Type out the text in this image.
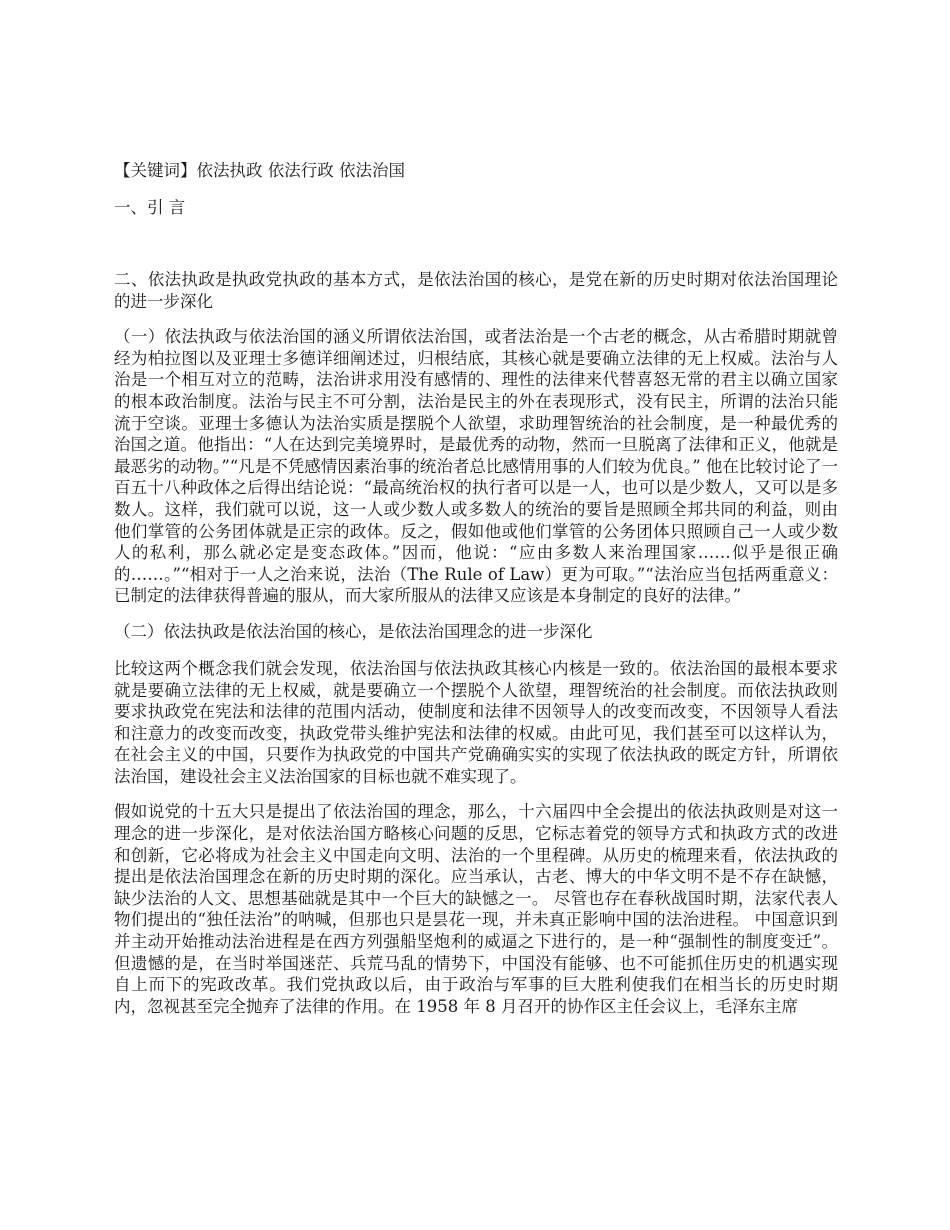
【关键词】依法执政 依法行政 依法治国
一、引 言

二、依法执政是执政党执政的基本方式，是依法治国的核心，是党在新的历史时期对依法治国理论的进一步深化

（一）依法执政与依法治国的涵义所谓依法治国，或者法治是一个古老的概念，从古希腊时期就曾经为柏拉图以及亚理士多德详细阐述过，归根结底，其核心就是要确立法律的无上权威。法治与人治是一个相互对立的范畴，法治讲求用没有感情的、理性的法律来代替喜怒无常的君主以确立国家的根本政治制度。法治与民主不可分割，法治是民主的外在表现形式，没有民主，所谓的法治只能流于空谈。亚理士多德认为法治实质是摆脱个人欲望，求助理智统治的社会制度，是一种最优秀的治国之道。他指出：“人在达到完美境界时，是最优秀的动物，然而一旦脱离了法律和正义，他就是最恶劣的动物。”“凡是不凭感情因素治事的统治者总比感情用事的人们较为优良。” 他在比较讨论了一百五十八种政体之后得出结论说：“最高统治权的执行者可以是一人，也可以是少数人，又可以是多数人。这样，我们就可以说，这一人或少数人或多数人的统治的要旨是照顾全邦共同的利益，则由他们掌管的公务团体就是正宗的政体。反之，假如他或他们掌管的公务团体只照顾自己一人或少数人的私利，那么就必定是变态政体。”因而，他说：“应由多数人来治理国家……似乎是很正确的……。”“相对于一人之治来说，法治（The Rule of Law）更为可取。”“法治应当包括两重意义：已制定的法律获得普遍的服从，而大家所服从的法律又应该是本身制定的良好的法律。”

（二）依法执政是依法治国的核心，是依法治国理念的进一步深化

比较这两个概念我们就会发现，依法治国与依法执政其核心内核是一致的。依法治国的最根本要求就是要确立法律的无上权威，就是要确立一个摆脱个人欲望，理智统治的社会制度。而依法执政则要求执政党在宪法和法律的范围内活动，使制度和法律不因领导人的改变而改变，不因领导人看法和注意力的改变而改变，执政党带头维护宪法和法律的权威。由此可见，我们甚至可以这样认为，在社会主义的中国，只要作为执政党的中国共产党确确实实的实现了依法执政的既定方针，所谓依法治国，建设社会主义法治国家的目标也就不难实现了。

假如说党的十五大只是提出了依法治国的理念，那么，十六届四中全会提出的依法执政则是对这一理念的进一步深化，是对依法治国方略核心问题的反思，它标志着党的领导方式和执政方式的改进和创新，它必将成为社会主义中国走向文明、法治的一个里程碑。从历史的梳理来看，依法执政的提出是依法治国理念在新的历史时期的深化。应当承认，古老、博大的中华文明不是不存在缺憾，缺少法治的人文、思想基础就是其中一个巨大的缺憾之一。 尽管也存在春秋战国时期，法家代表人物们提出的“独任法治”的呐喊，但那也只是昙花一现，并未真正影响中国的法治进程。 中国意识到并主动开始推动法治进程是在西方列强船坚炮利的威逼之下进行的，是一种“强制性的制度变迁”。 但遗憾的是，在当时举国迷茫、兵荒马乱的情势下，中国没有能够、也不可能抓住历史的机遇实现自上而下的宪政改革。我们党执政以后，由于政治与军事的巨大胜利使我们在相当长的历史时期内，忽视甚至完全抛弃了法律的作用。在 1958 年 8 月召开的协作区主任会议上，毛泽东主席
